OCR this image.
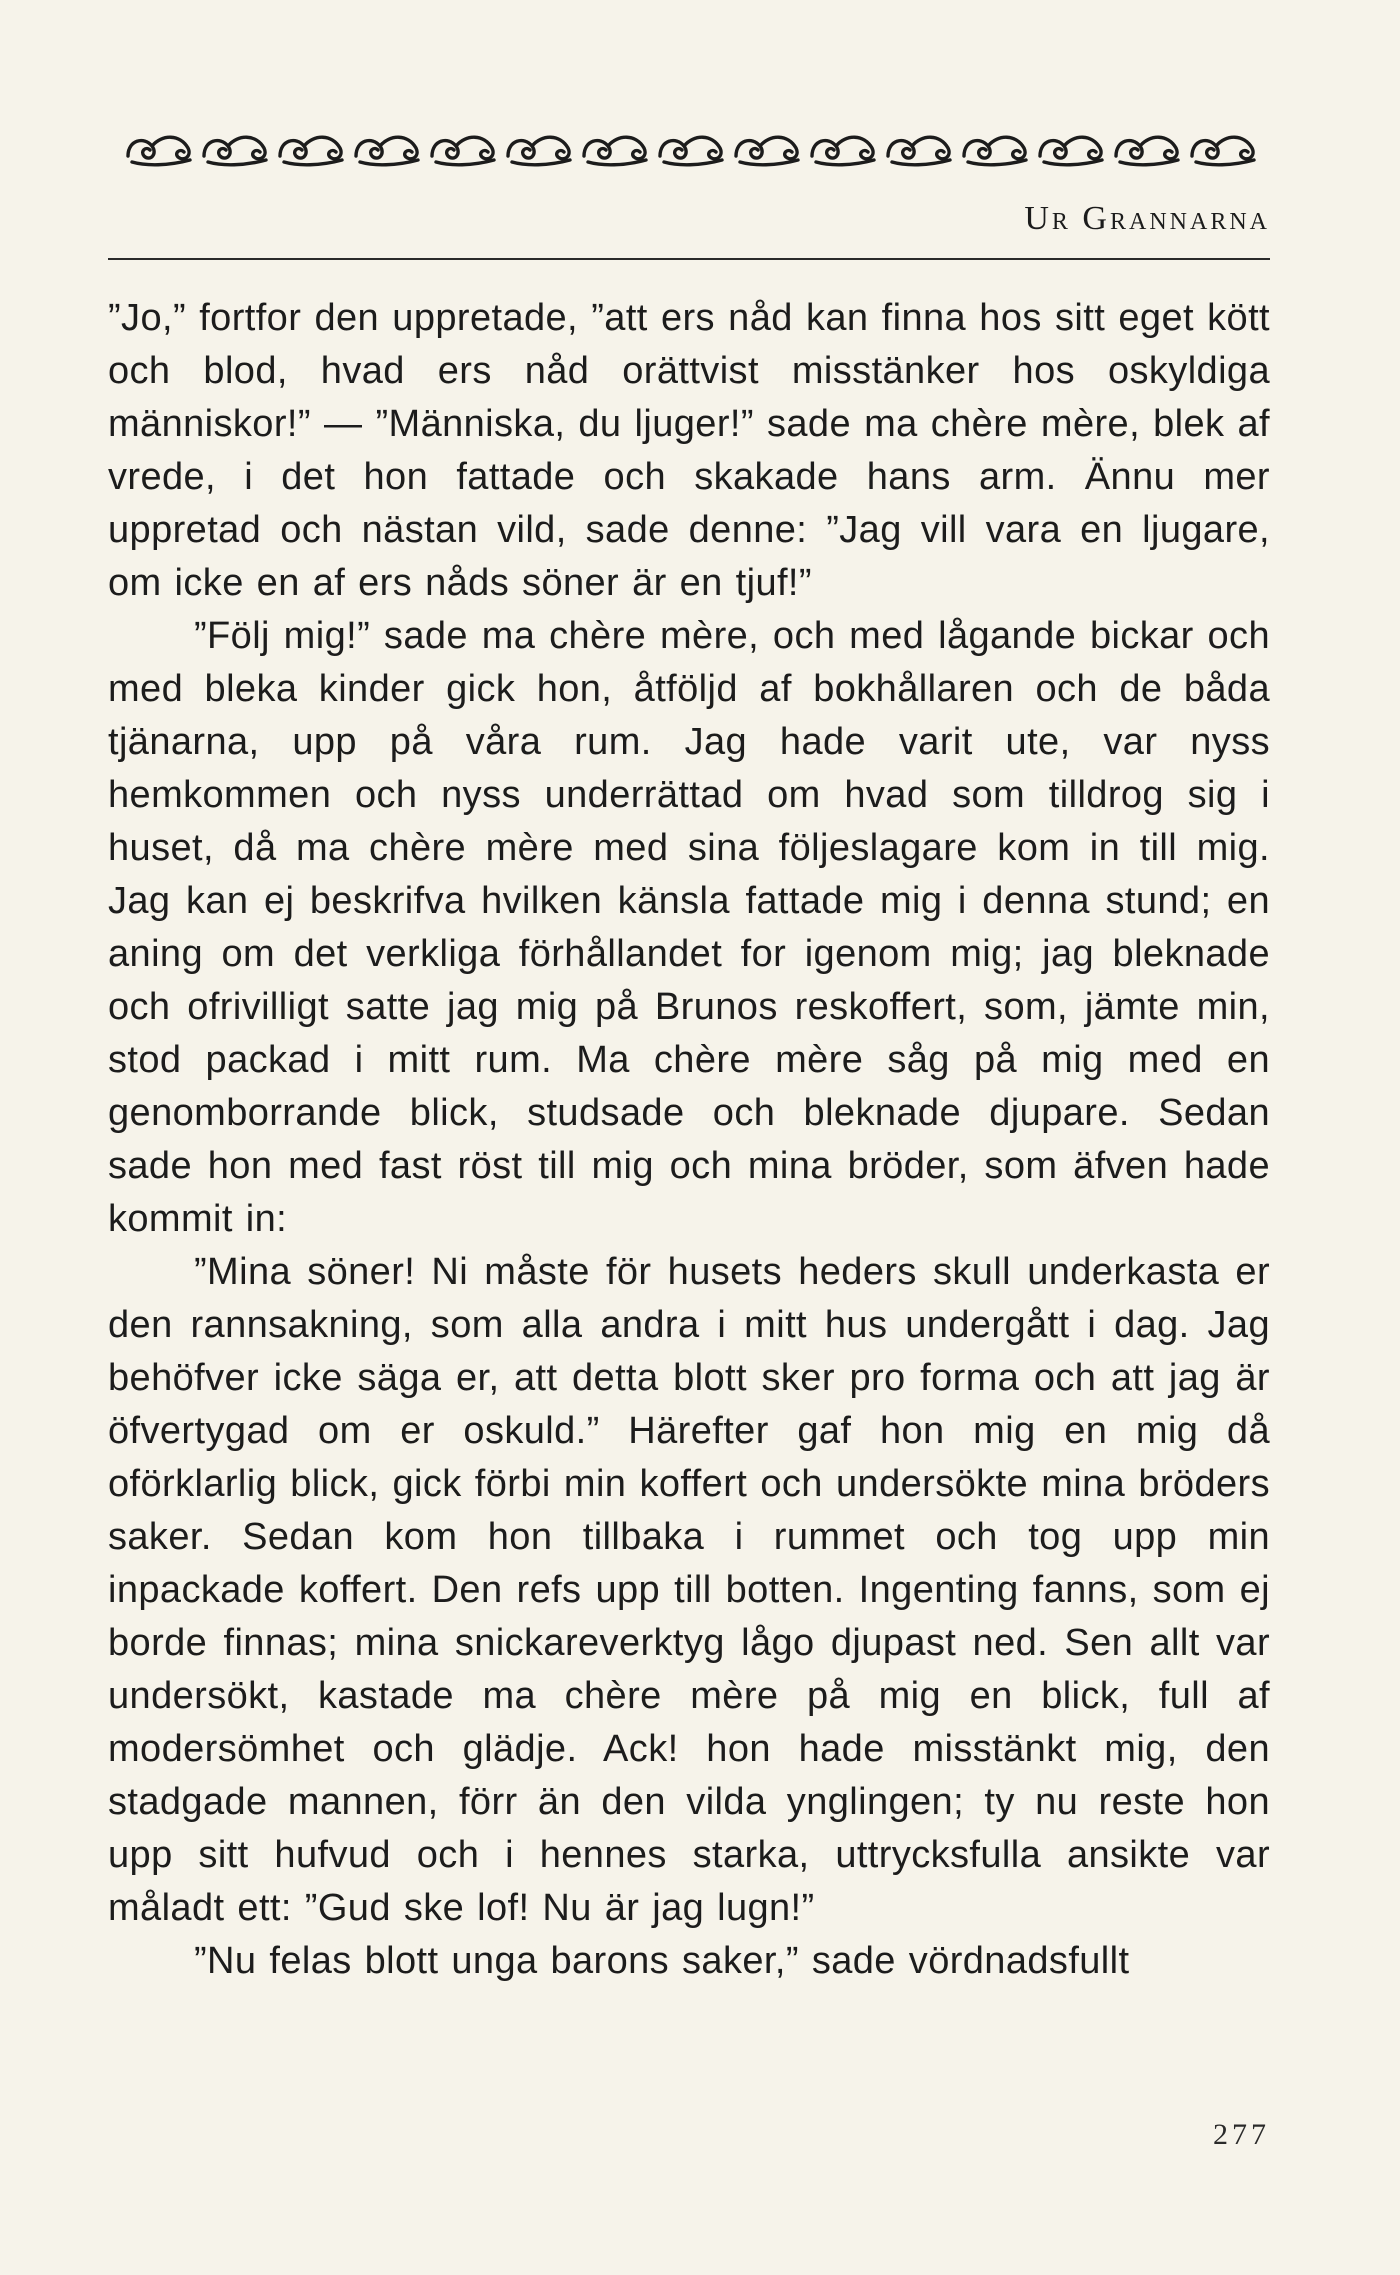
Ur Grannarna

”Jo,” fortfor den uppretade, ”att ers nåd kan finna hos sitt eget kött och blod, hvad ers nåd orättvist misstänker hos oskyldiga människor!” — ”Människa, du ljuger!” sade ma chère mère, blek af vrede, i det hon fattade och skakade hans arm. Ännu mer uppretad och nästan vild, sade denne: ”Jag vill vara en ljugare, om icke en af ers nåds söner är en tjuf!”

”Följ mig!” sade ma chère mère, och med lågande bickar och med bleka kinder gick hon, åtföljd af bokhållaren och de båda tjänarna, upp på våra rum. Jag hade varit ute, var nyss hemkommen och nyss underrättad om hvad som tilldrog sig i huset, då ma chère mère med sina följeslagare kom in till mig. Jag kan ej beskrifva hvilken känsla fattade mig i denna stund; en aning om det verkliga förhållandet for igenom mig; jag bleknade och ofrivilligt satte jag mig på Brunos reskoffert, som, jämte min, stod packad i mitt rum. Ma chère mère såg på mig med en genomborrande blick, studsade och bleknade djupare. Sedan sade hon med fast röst till mig och mina bröder, som äfven hade kommit in:

”Mina söner! Ni måste för husets heders skull underkasta er den rannsakning, som alla andra i mitt hus undergått i dag. Jag behöfver icke säga er, att detta blott sker pro forma och att jag är öfvertygad om er oskuld.” Härefter gaf hon mig en mig då oförklarlig blick, gick förbi min koffert och undersökte mina bröders saker. Sedan kom hon tillbaka i rummet och tog upp min inpackade koffert. Den refs upp till botten. Ingenting fanns, som ej borde finnas; mina snickareverktyg lågo djupast ned. Sen allt var undersökt, kastade ma chère mère på mig en blick, full af modersömhet och glädje. Ack! hon hade misstänkt mig, den stadgade mannen, förr än den vilda ynglingen; ty nu reste hon upp sitt hufvud och i hennes starka, uttrycksfulla ansikte var måladt ett: ”Gud ske lof! Nu är jag lugn!”

”Nu felas blott unga barons saker,” sade vördnadsfullt

277
